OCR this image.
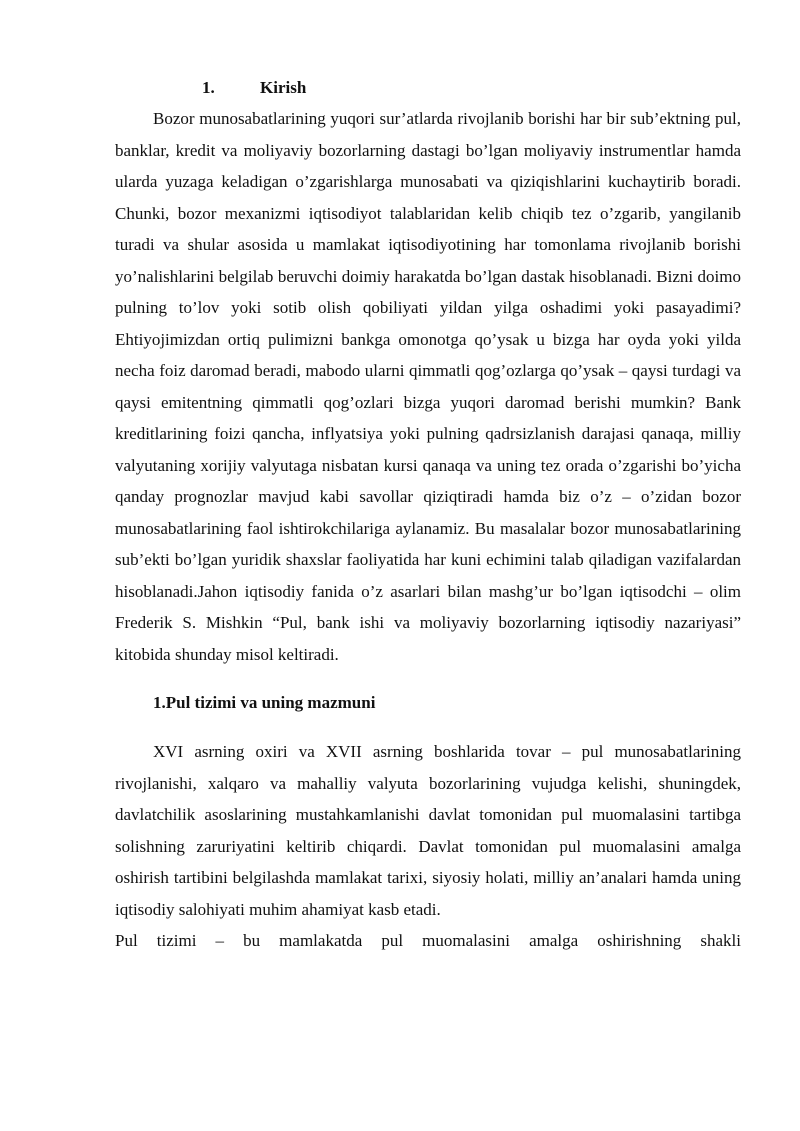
1.	Kirish

Bozor munosabatlarining yuqori sur’atlarda rivojlanib borishi har bir sub’ektning pul, banklar, kredit va moliyaviy bozorlarning dastagi bo’lgan moliyaviy instrumentlar hamda ularda yuzaga keladigan o’zgarishlarga munosabati va qiziqishlarini kuchaytirib boradi. Chunki, bozor mexanizmi iqtisodiyot talablaridan kelib chiqib tez o’zgarib, yangilanib turadi va shular asosida u mamlakat iqtisodiyotining har tomonlama rivojlanib borishi yo’nalishlarini belgilab beruvchi doimiy harakatda bo’lgan dastak hisoblanadi. Bizni doimo pulning to’lov yoki sotib olish qobiliyati yildan yilga oshadimi yoki pasayadimi? Ehtiyojimizdan ortiq pulimizni bankga omonotga qo’ysak u bizga har oyda yoki yilda necha foiz daromad beradi, mabodo ularni qimmatli qog’ozlarga qo’ysak – qaysi turdagi va qaysi emitentning qimmatli qog’ozlari bizga yuqori daromad berishi mumkin? Bank kreditlarining foizi qancha, inflyatsiya yoki pulning qadrsizlanish darajasi qanaqa, milliy valyutaning xorijiy valyutaga nisbatan kursi qanaqa va uning tez orada o’zgarishi bo’yicha qanday prognozlar mavjud kabi savollar qiziqtiradi hamda biz o’z – o’zidan bozor munosabatlarining faol ishtirokchilariga aylanamiz. Bu masalalar bozor munosabatlarining sub’ekti bo’lgan yuridik shaxslar faoliyatida har kuni echimini talab qiladigan vazifalardan hisoblanadi.Jahon iqtisodiy fanida o’z asarlari bilan mashg’ur bo’lgan iqtisodchi – olim Frederik S. Mishkin “Pul, bank ishi va moliyaviy bozorlarning iqtisodiy nazariyasi” kitobida shunday misol keltiradi.

1.Pul tizimi va uning mazmuni

XVI asrning oxiri va XVII asrning boshlarida tovar – pul munosabatlarining rivojlanishi, xalqaro va mahalliy valyuta bozorlarining vujudga kelishi, shuningdek, davlatchilik asoslarining mustahkamlanishi davlat tomonidan pul muomalasini tartibga solishning zaruriyatini keltirib chiqardi. Davlat tomonidan pul muomalasini amalga oshirish tartibini belgilashda mamlakat tarixi, siyosiy holati, milliy an’analari hamda uning iqtisodiy salohiyati muhim ahamiyat kasb etadi.

Pul tizimi – bu mamlakatda pul muomalasini amalga oshirishning shakli
